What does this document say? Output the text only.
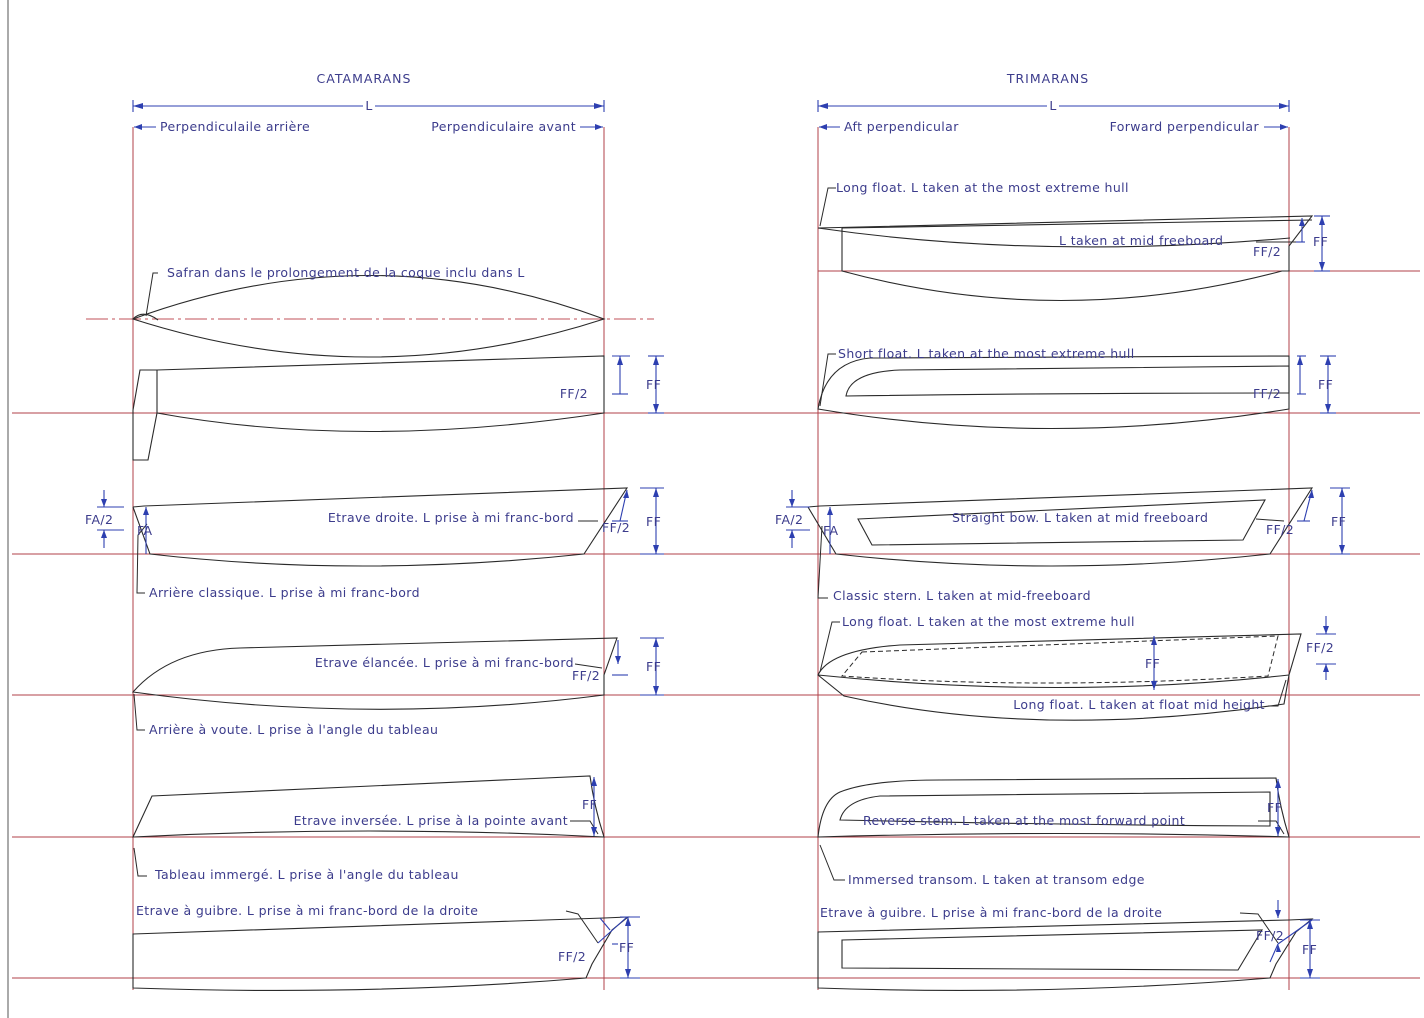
CATAMARANS	TRIMARANS
L	L
Perpendiculaile arrière	Perpendiculaire avant	Aft perpendicular	Forward perpendicular
Safran dans le prolongement de la coque inclu dans L
FF/2
FF
FA/2
FA
Etrave droite. L prise à mi franc-bord
FF/2 FF
Arrière classique. L prise à mi franc-bord
Etrave élancée. L prise à mi franc-bord
FF/2
FF
Arrière à voute. L prise à l'angle du tableau
FF
Etrave inversée. L prise à la pointe avant
Tableau immergé. L prise à l'angle du tableau
Etrave à guibre. L prise à mi franc-bord de la droite
FF/2
FF
Long float. L taken at the most extreme hull
L taken at mid freeboard
FF/2
FF
Short float. L taken at the most extreme hull
FF/2
FF
FA/2
FA
Straight bow. L taken at mid freeboard
FF/2
FF
Classic stern. L taken at mid-freeboard
Long float. L taken at the most extreme hull
FF
FF/2
Long float. L taken at float mid height
FF
Reverse stem. L taken at the most forward point
Immersed transom. L taken at transom edge
Etrave à guibre. L prise à mi franc-bord de la droite
FF/2
FF
